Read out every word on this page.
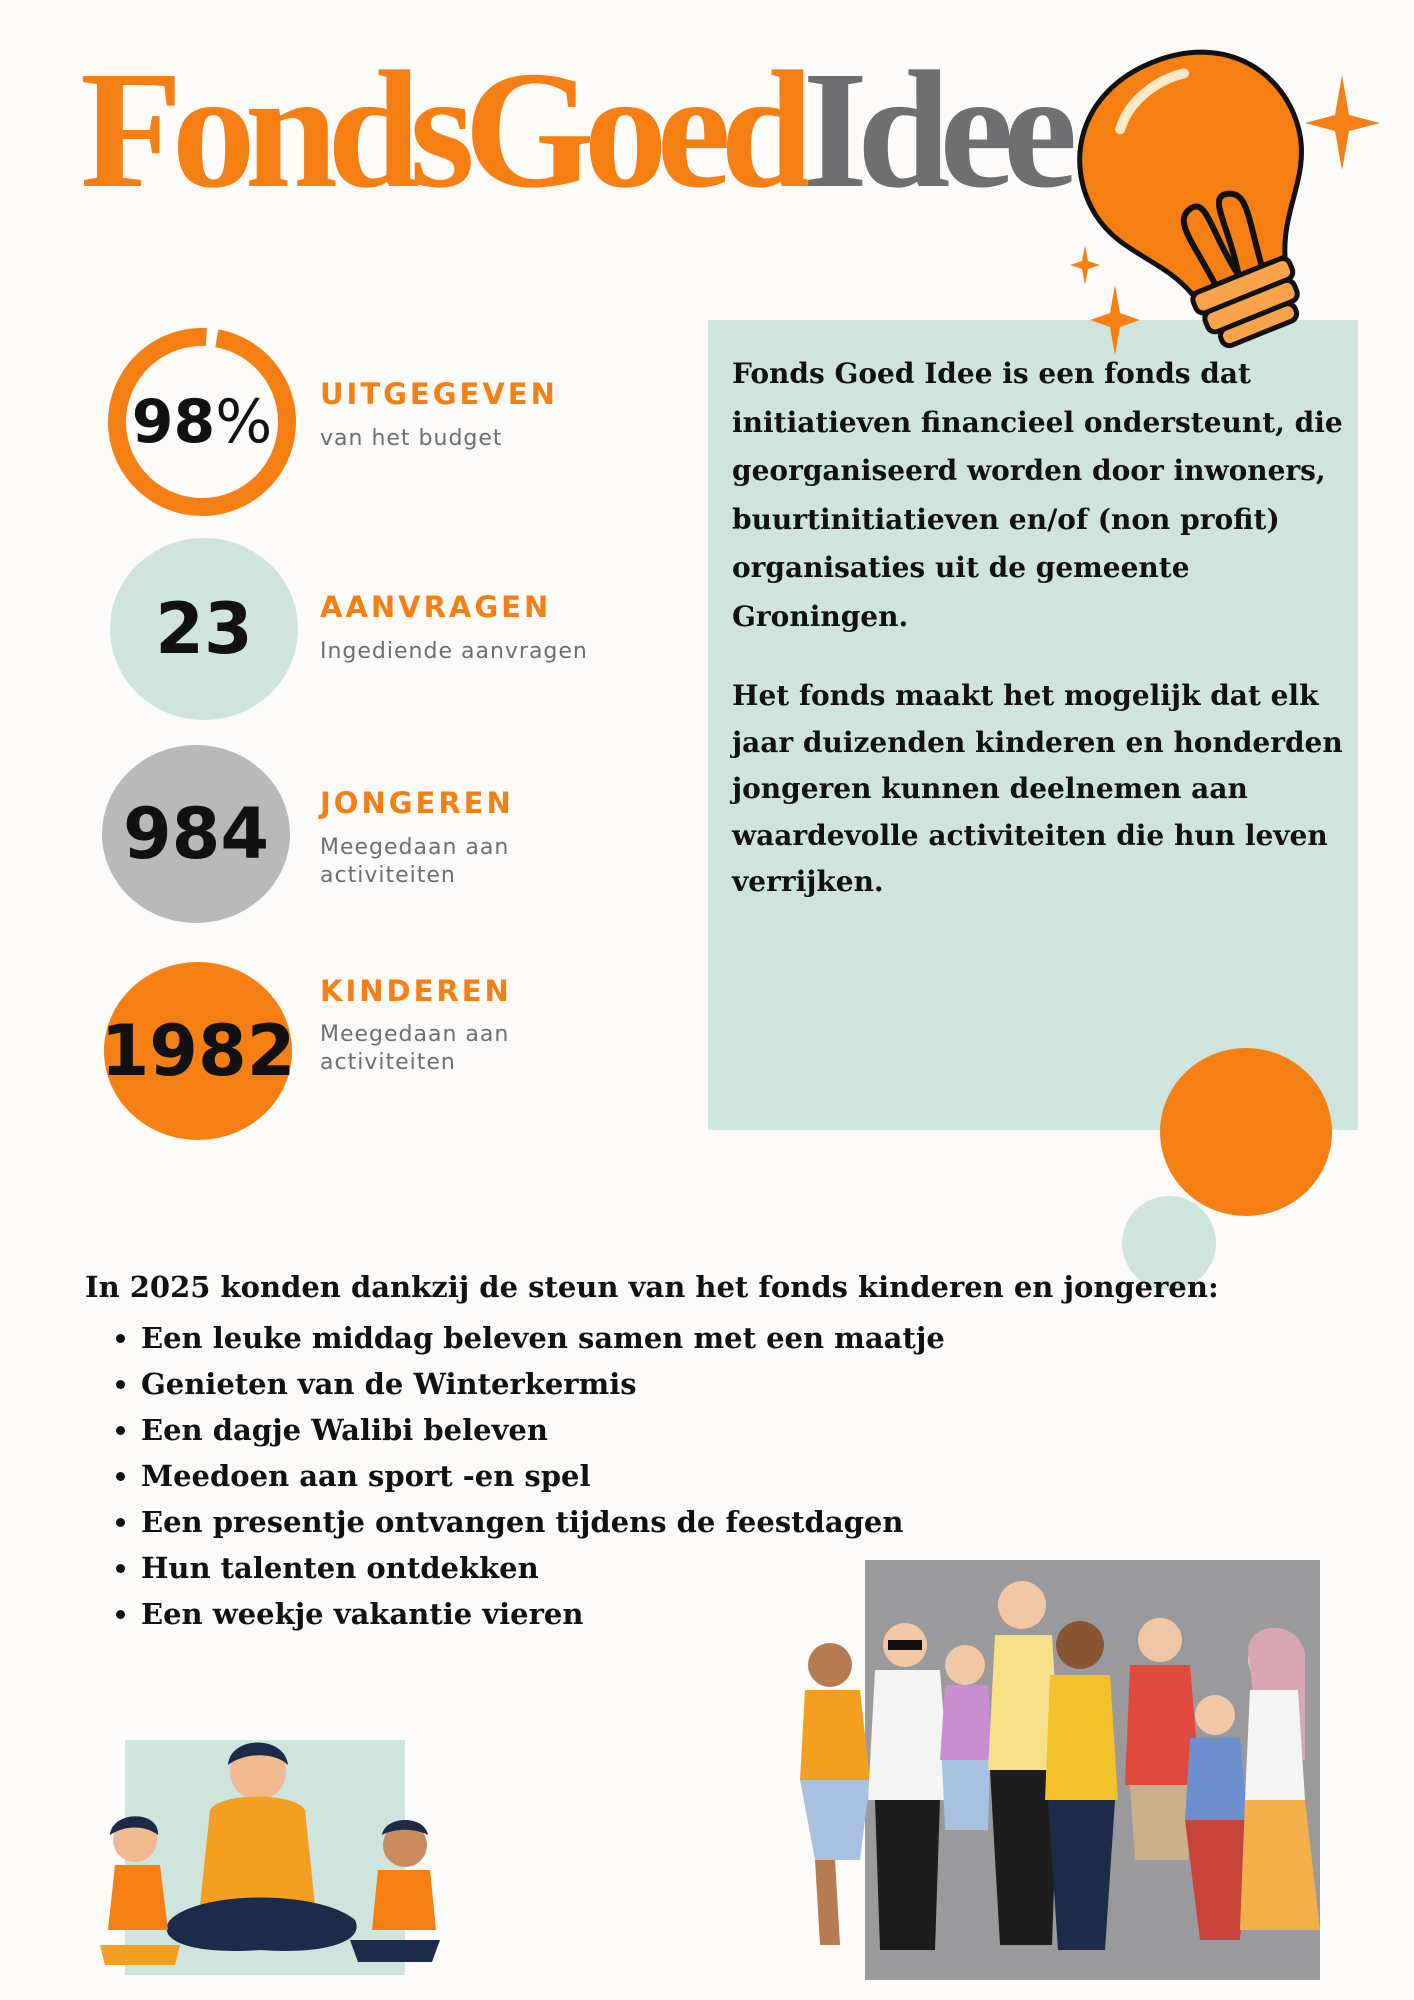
FondsGoedIdee
Fonds Goed Idee is een fonds dat initiatieven financieel ondersteunt, die georganiseerd worden door inwoners, buurtinitiatieven en/of (non profit) organisaties uit de gemeente Groningen.
Het fonds maakt het mogelijk dat elk jaar duizenden kinderen en honderden jongeren kunnen deelnemen aan waardevolle activiteiten die hun leven verrijken.
98% UITGEGEVEN
van het budget
23 AANVRAGEN
Ingediende aanvragen
984 JONGEREN
Meegedaan aan activiteiten
1982
KINDEREN
Meegedaan aan activiteiten
In 2025 konden dankzij de steun van het fonds kinderen en jongeren:
• Een leuke middag beleven samen met een maatje
• Genieten van de Winterkermis
• Een dagje Walibi beleven
• Meedoen aan sport -en spel
• Een presentje ontvangen tijdens de feestdagen
• Hun talenten ontdekken
• Een weekje vakantie vieren
